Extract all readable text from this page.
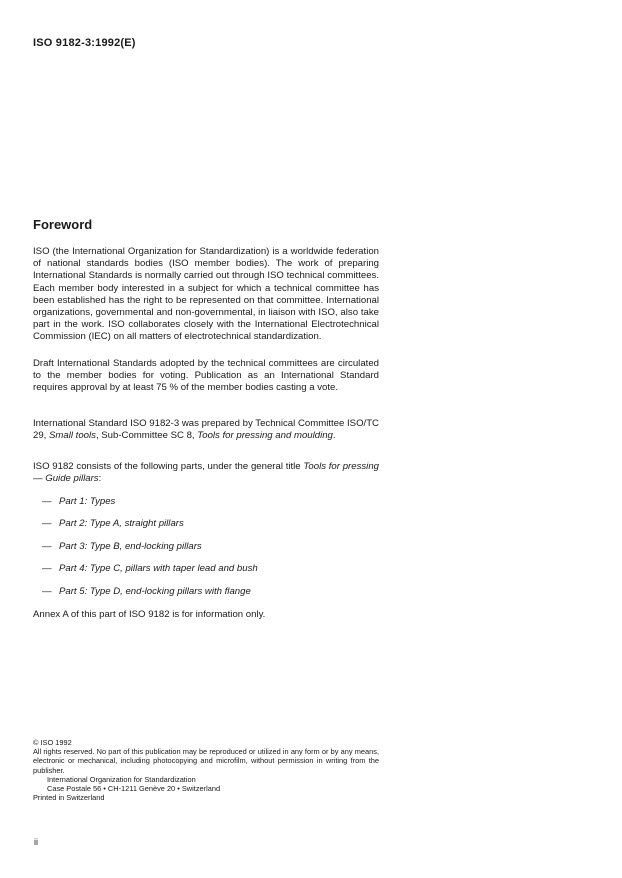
ISO 9182-3:1992(E)
Foreword

ISO (the International Organization for Standardization) is a worldwide federation of national standards bodies (ISO member bodies). The work of preparing International Standards is normally carried out through ISO technical committees. Each member body interested in a subject for which a technical committee has been established has the right to be represented on that committee. International organizations, governmental and non-governmental, in liaison with ISO, also take part in the work. ISO collaborates closely with the International Electrotechnical Commission (IEC) on all matters of electrotechnical standardization.

Draft International Standards adopted by the technical committees are circulated to the member bodies for voting. Publication as an International Standard requires approval by at least 75 % of the member bodies casting a vote.

International Standard ISO 9182-3 was prepared by Technical Committee ISO/TC 29, Small tools, Sub-Committee SC 8, Tools for pressing and moulding.

ISO 9182 consists of the following parts, under the general title Tools for pressing — Guide pillars:

— Part 1: Types
— Part 2: Type A, straight pillars
— Part 3: Type B, end-locking pillars
— Part 4: Type C, pillars with taper lead and bush
— Part 5: Type D, end-locking pillars with flange

Annex A of this part of ISO 9182 is for information only.

© ISO 1992
All rights reserved. No part of this publication may be reproduced or utilized in any form or by any means, electronic or mechanical, including photocopying and microfilm, without permission in writing from the publisher.
International Organization for Standardization
Case Postale 56 • CH-1211 Genève 20 • Switzerland
Printed in Switzerland
ii
